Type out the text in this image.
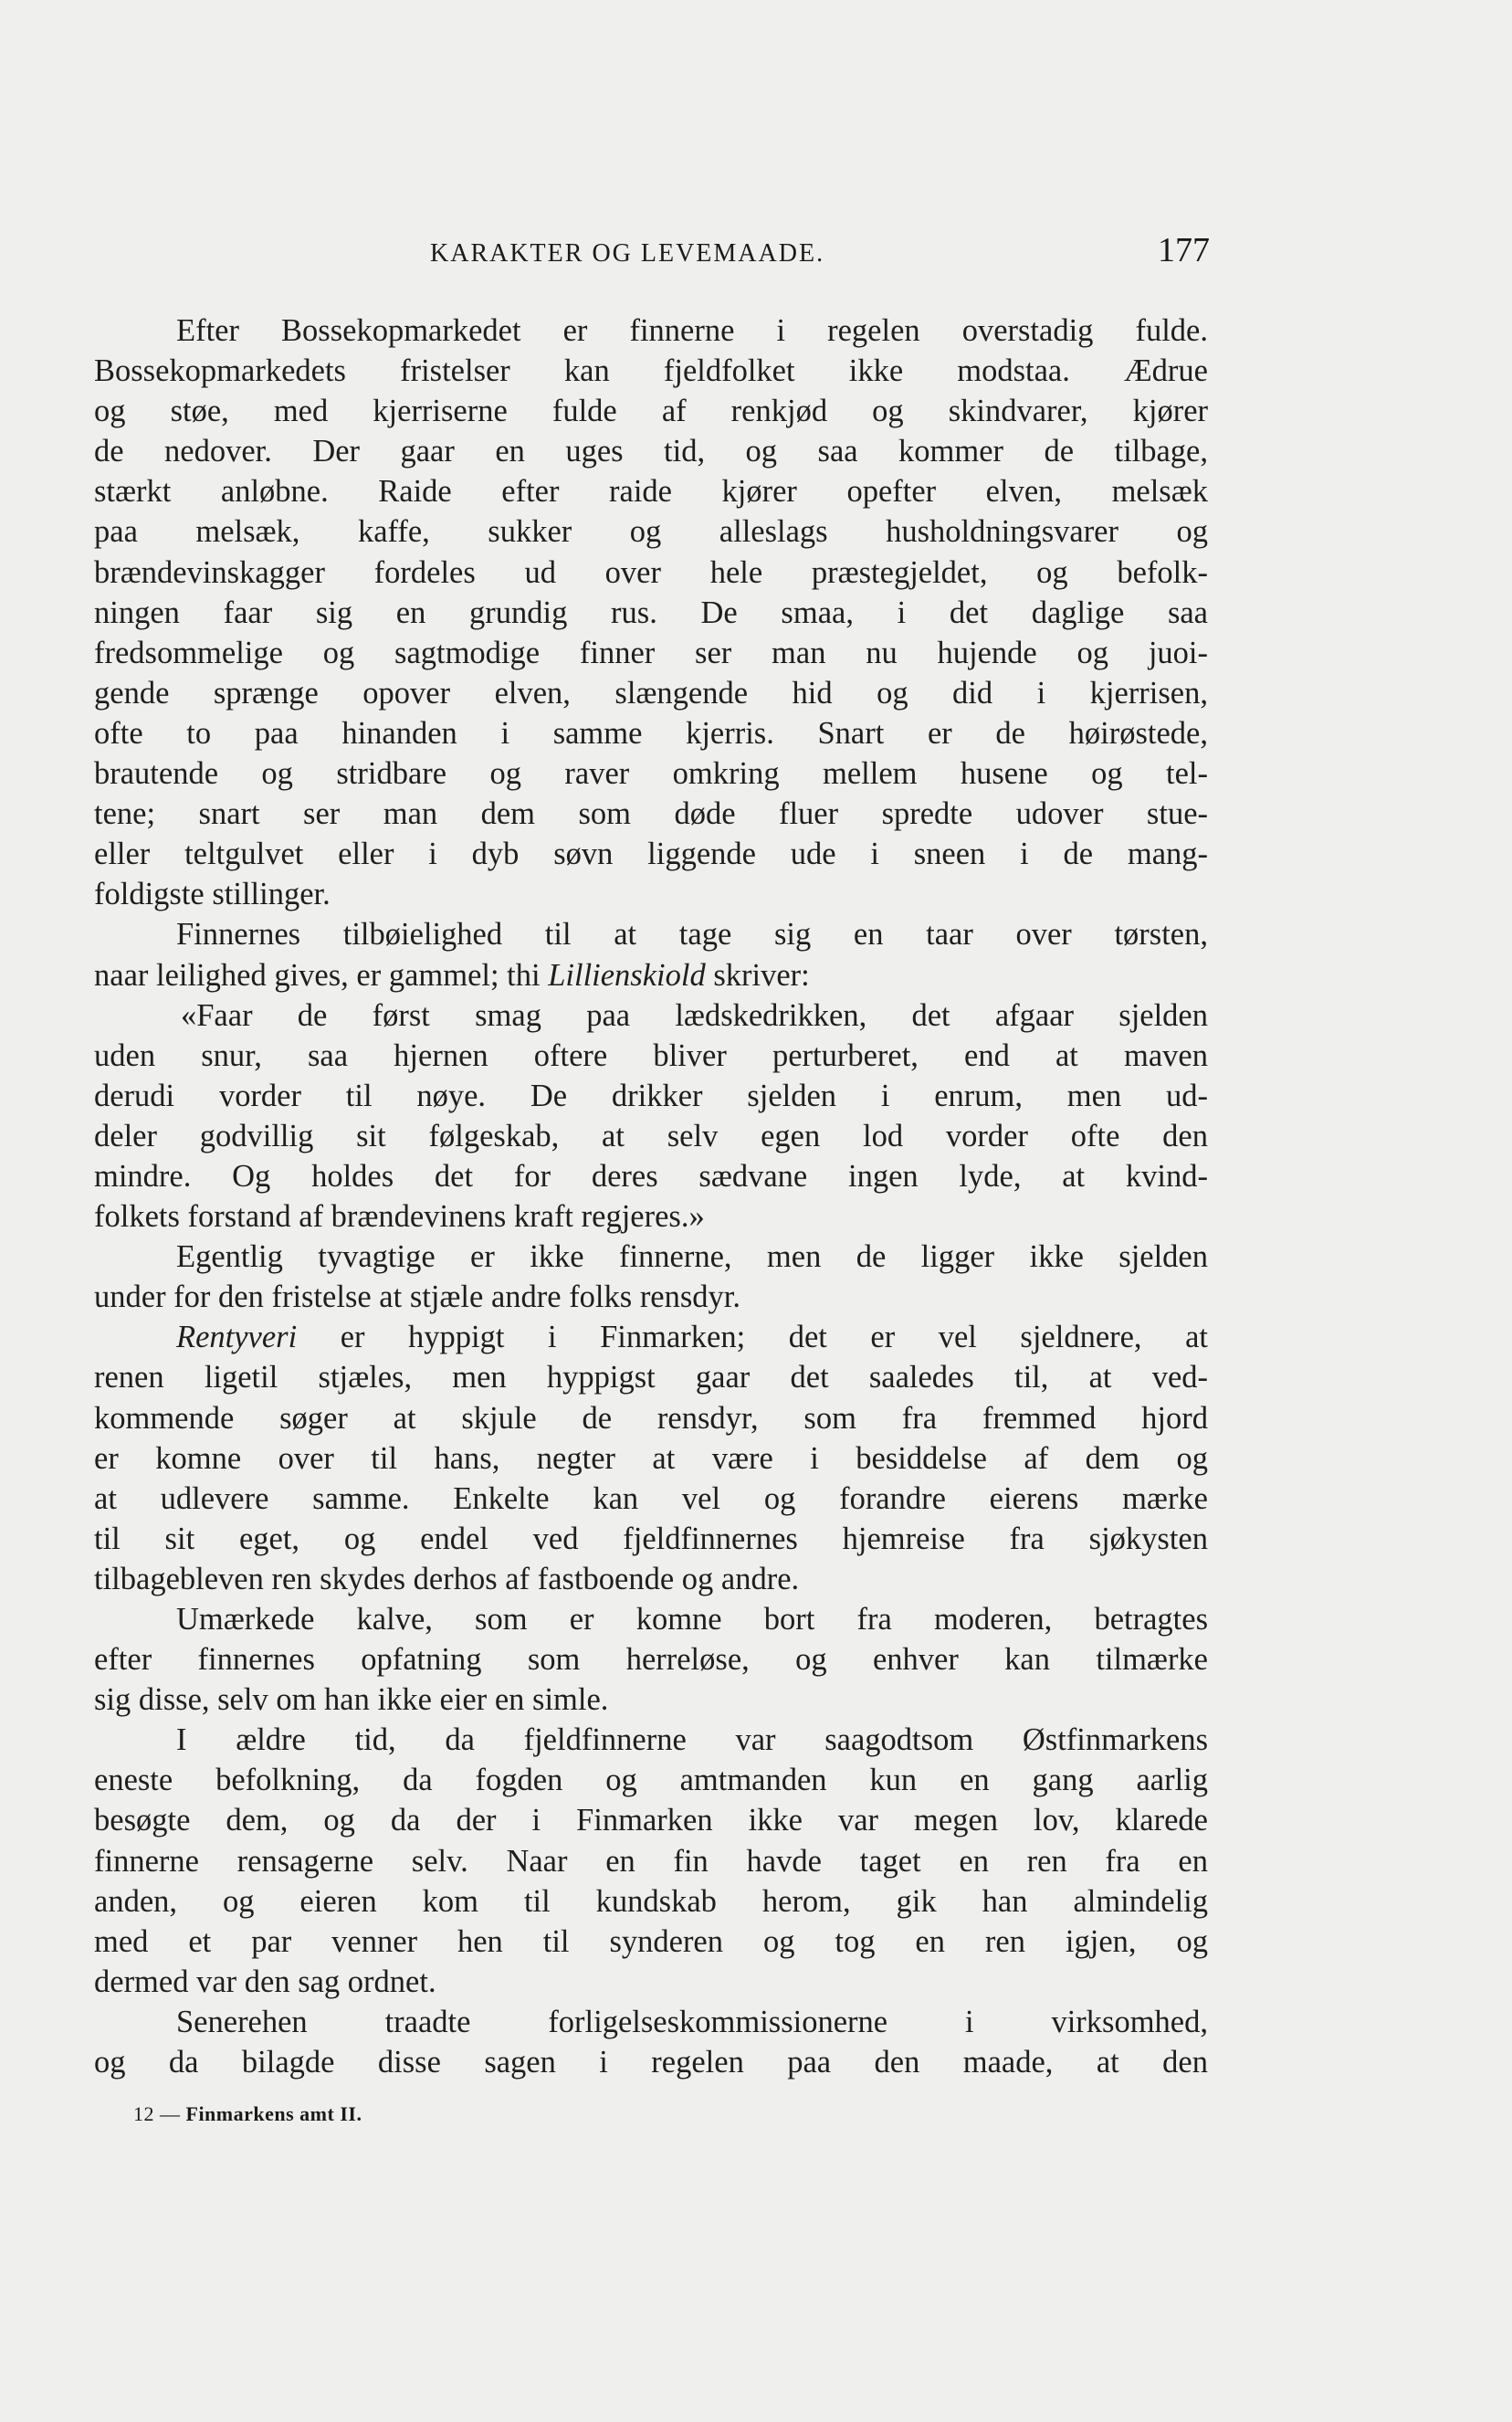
KARAKTER OG LEVEMAADE.	177
Efter Bossekopmarkedet er finnerne i regelen overstadig fulde.
Bossekopmarkedets fristelser kan fjeldfolket ikke modstaa. Ædrue
og støe, med kjerriserne fulde af renkjød og skindvarer, kjører
de nedover. Der gaar en uges tid, og saa kommer de tilbage,
stærkt anløbne. Raide efter raide kjører opefter elven, melsæk
paa melsæk, kaffe, sukker og alleslags husholdningsvarer og
brændevinskagger fordeles ud over hele præstegjeldet, og befolk-
ningen faar sig en grundig rus. De smaa, i det daglige saa
fredsommelige og sagtmodige finner ser man nu hujende og juoi-
gende sprænge opover elven, slængende hid og did i kjerrisen,
ofte to paa hinanden i samme kjerris. Snart er de høirøstede,
brautende og stridbare og raver omkring mellem husene og tel-
tene; snart ser man dem som døde fluer spredte udover stue-
eller teltgulvet eller i dyb søvn liggende ude i sneen i de mang-
foldigste stillinger.
Finnernes tilbøielighed til at tage sig en taar over tørsten,
naar leilighed gives, er gammel; thi Lillienskiold skriver:
«Faar de først smag paa lædskedrikken, det afgaar sjelden
uden snur, saa hjernen oftere bliver perturberet, end at maven
derudi vorder til nøye. De drikker sjelden i enrum, men ud-
deler godvillig sit følgeskab, at selv egen lod vorder ofte den
mindre. Og holdes det for deres sædvane ingen lyde, at kvind-
folkets forstand af brændevinens kraft regjeres.»
Egentlig tyvagtige er ikke finnerne, men de ligger ikke sjelden
under for den fristelse at stjæle andre folks rensdyr.
Rentyveri er hyppigt i Finmarken; det er vel sjeldnere, at
renen ligetil stjæles, men hyppigst gaar det saaledes til, at ved-
kommende søger at skjule de rensdyr, som fra fremmed hjord
er komne over til hans, negter at være i besiddelse af dem og
at udlevere samme. Enkelte kan vel og forandre eierens mærke
til sit eget, og endel ved fjeldfinnernes hjemreise fra sjøkysten
tilbagebleven ren skydes derhos af fastboende og andre.
Umærkede kalve, som er komne bort fra moderen, betragtes
efter finnernes opfatning som herreløse, og enhver kan tilmærke
sig disse, selv om han ikke eier en simle.
I ældre tid, da fjeldfinnerne var saagodtsom Østfinmarkens
eneste befolkning, da fogden og amtmanden kun en gang aarlig
besøgte dem, og da der i Finmarken ikke var megen lov, klarede
finnerne rensagerne selv. Naar en fin havde taget en ren fra en
anden, og eieren kom til kundskab herom, gik han almindelig
med et par venner hen til synderen og tog en ren igjen, og
dermed var den sag ordnet.
Senerehen traadte forligelseskommissionerne i virksomhed,
og da bilagde disse sagen i regelen paa den maade, at den
12 — Finmarkens amt II.
